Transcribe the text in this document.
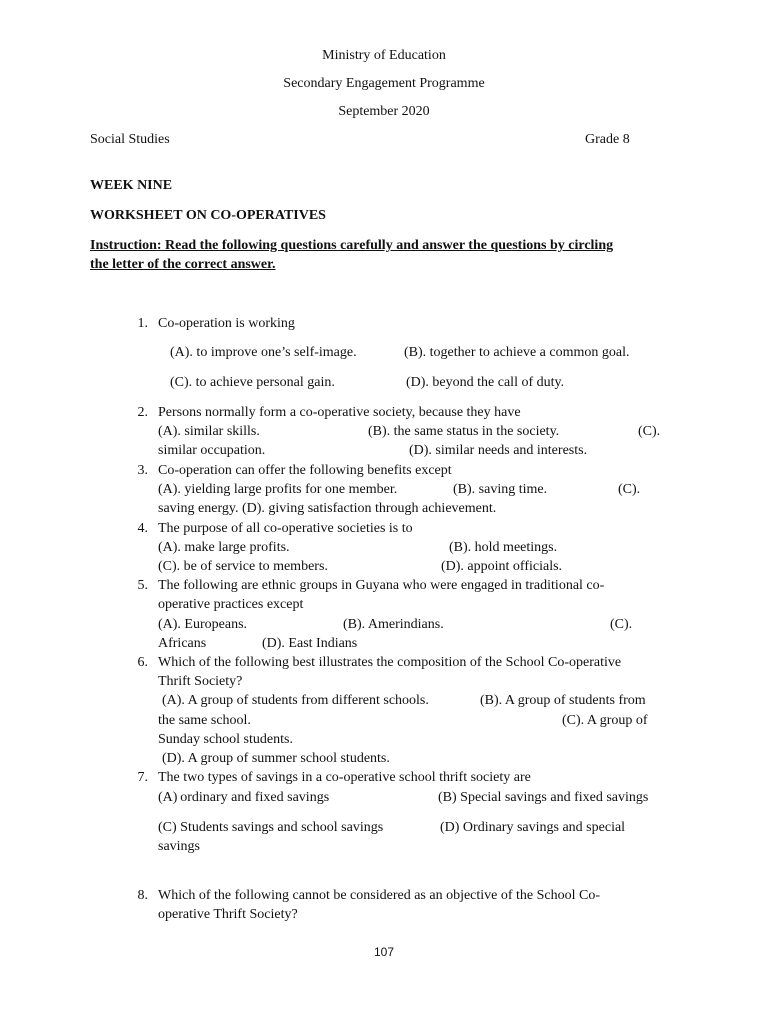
Ministry of Education
Secondary Engagement Programme
September 2020
Social Studies	Grade 8
WEEK NINE
WORKSHEET ON CO-OPERATIVES
Instruction: Read the following questions carefully and answer the questions by circling
the letter of the correct answer.
1. Co-operation is working
(A). to improve one’s self-image.	(B). together to achieve a common goal.
(C). to achieve personal gain.	(D). beyond the call of duty.
2. Persons normally form a co-operative society, because they have
(A). similar skills.	(B). the same status in the society.	(C).
similar occupation.	(D). similar needs and interests.
3. Co-operation can offer the following benefits except
(A). yielding large profits for one member.	(B). saving time.	(C).
saving energy. (D). giving satisfaction through achievement.
4. The purpose of all co-operative societies is to
(A). make large profits.	(B). hold meetings.
(C). be of service to members.	(D). appoint officials.
5. The following are ethnic groups in Guyana who were engaged in traditional co-
operative practices except
(A). Europeans.	(B). Amerindians.	(C).
Africans	(D). East Indians
6. Which of the following best illustrates the composition of the School Co-operative
Thrift Society?
(A). A group of students from different schools.	(B). A group of students from
the same school.	(C). A group of
Sunday school students.
(D). A group of summer school students.
7. The two types of savings in a co-operative school thrift society are
(A) ordinary and fixed savings	(B) Special savings and fixed savings
(C) Students savings and school savings	(D) Ordinary savings and special
savings
8. Which of the following cannot be considered as an objective of the School Co-
operative Thrift Society?
107
